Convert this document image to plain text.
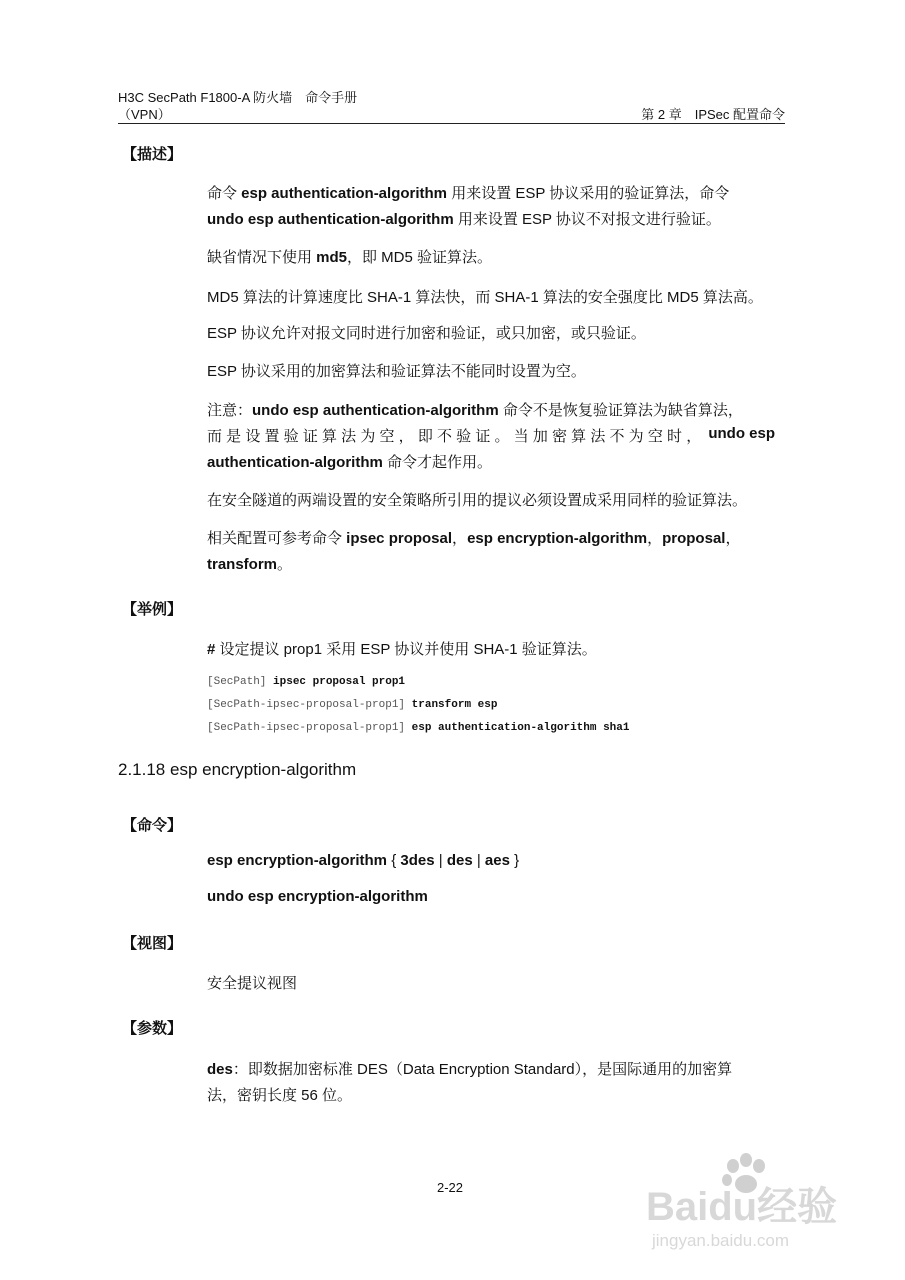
H3C SecPath F1800-A 防火墙　命令手册
（VPN）	第 2 章　IPSec 配置命令
【描述】
命令 esp authentication-algorithm 用来设置 ESP 协议采用的验证算法，命令
undo esp authentication-algorithm 用来设置 ESP 协议不对报文进行验证。
缺省情况下使用 md5，即 MD5 验证算法。
MD5 算法的计算速度比 SHA-1 算法快，而 SHA-1 算法的安全强度比 MD5 算法高。
ESP 协议允许对报文同时进行加密和验证，或只加密，或只验证。
ESP 协议采用的加密算法和验证算法不能同时设置为空。
注意：undo esp authentication-algorithm 命令不是恢复验证算法为缺省算法，
而 是 设 置 验 证 算 法 为 空 ， 即 不 验 证 。 当 加 密 算 法 不 为 空 时 ， undo esp
authentication-algorithm 命令才起作用。
在安全隧道的两端设置的安全策略所引用的提议必须设置成采用同样的验证算法。
相关配置可参考命令 ipsec proposal，esp encryption-algorithm，proposal，
transform。
【举例】
# 设定提议 prop1 采用 ESP 协议并使用 SHA-1 验证算法。
[SecPath] ipsec proposal prop1
[SecPath-ipsec-proposal-prop1] transform esp
[SecPath-ipsec-proposal-prop1] esp authentication-algorithm sha1
2.1.18 esp encryption-algorithm
【命令】
esp encryption-algorithm { 3des | des | aes }
undo esp encryption-algorithm
【视图】
安全提议视图
【参数】
des：即数据加密标准 DES（Data Encryption Standard），是国际通用的加密算
法，密钥长度 56 位。
2-22	Baidu经验
jingyan.baidu.com
